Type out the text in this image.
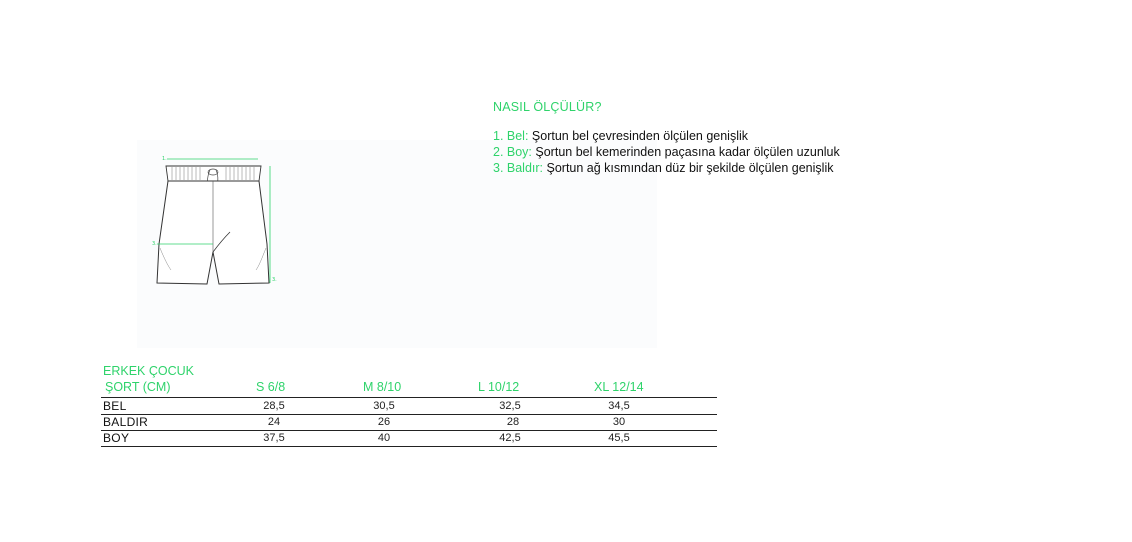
1.
3.
3.
NASIL ÖLÇÜLÜR?
1. Bel: Şortun bel çevresinden ölçülen genişlik
2. Boy: Şortun bel kemerinden paçasına kadar ölçülen uzunluk
3. Baldır: Şortun ağ kısmından düz bir şekilde ölçülen genişlik
ERKEK ÇOCUK
ŞORT (CM)	S 6/8	M 8/10	L 10/12	XL 12/14
BEL	28,5	30,5	32,5	34,5
BALDIR	24	26	28	30
BOY	37,5	40	42,5	45,5
